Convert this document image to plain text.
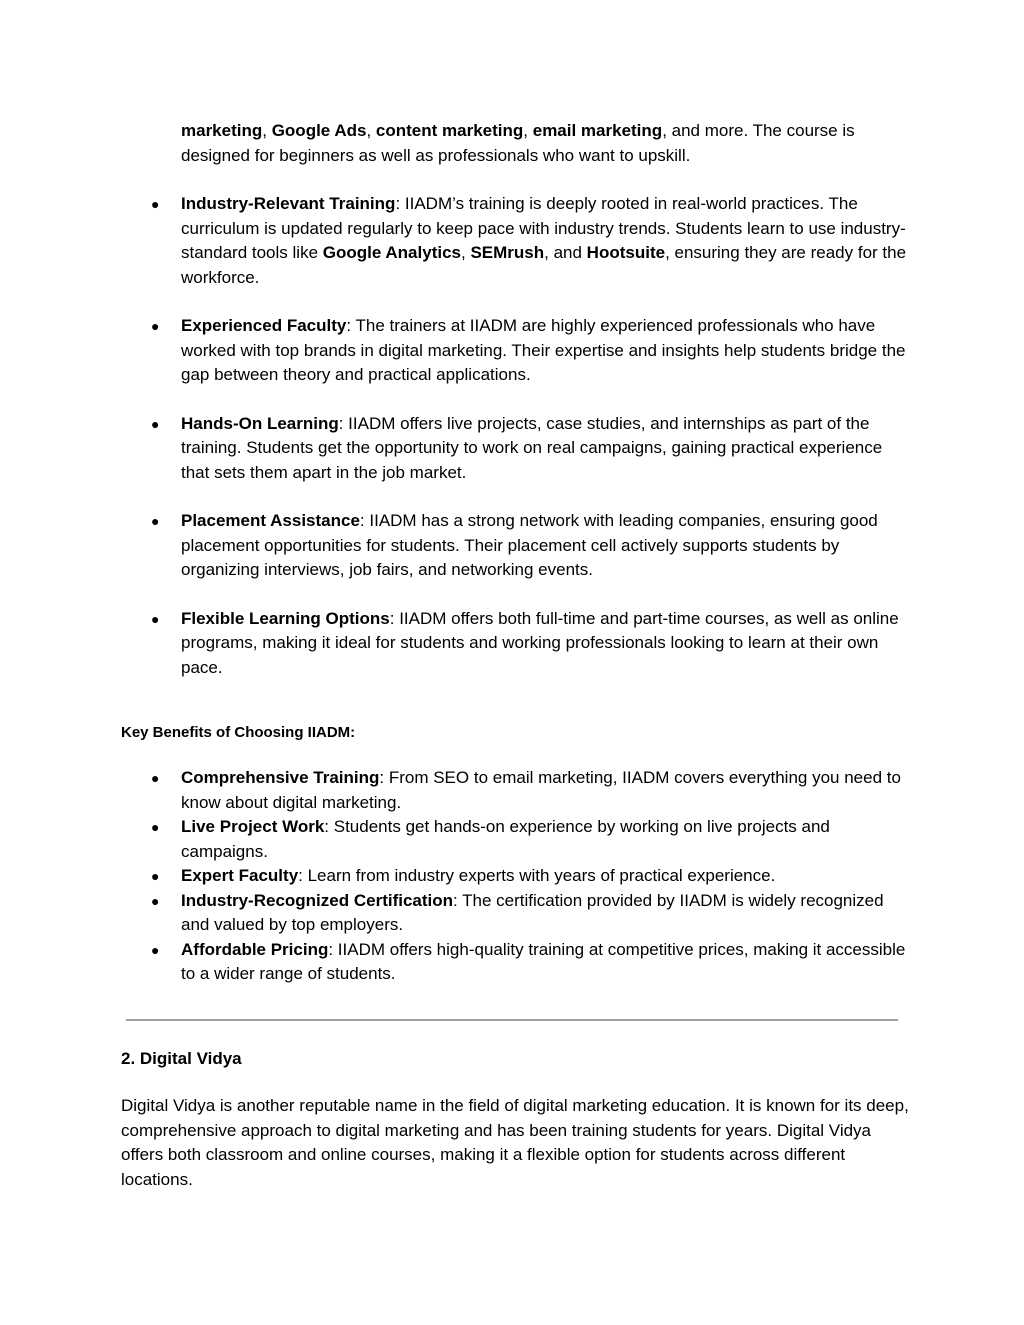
marketing, Google Ads, content marketing, email marketing, and more. The course is designed for beginners as well as professionals who want to upskill.

●	Industry-Relevant Training: IIADM’s training is deeply rooted in real-world practices. The curriculum is updated regularly to keep pace with industry trends. Students learn to use industry-standard tools like Google Analytics, SEMrush, and Hootsuite, ensuring they are ready for the workforce.
●	Experienced Faculty: The trainers at IIADM are highly experienced professionals who have worked with top brands in digital marketing. Their expertise and insights help students bridge the gap between theory and practical applications.
●	Hands-On Learning: IIADM offers live projects, case studies, and internships as part of the training. Students get the opportunity to work on real campaigns, gaining practical experience that sets them apart in the job market.
●	Placement Assistance: IIADM has a strong network with leading companies, ensuring good placement opportunities for students. Their placement cell actively supports students by organizing interviews, job fairs, and networking events.
●	Flexible Learning Options: IIADM offers both full-time and part-time courses, as well as online programs, making it ideal for students and working professionals looking to learn at their own pace.
Key Benefits of Choosing IIADM:
●	Comprehensive Training: From SEO to email marketing, IIADM covers everything you need to know about digital marketing.
●	Live Project Work: Students get hands-on experience by working on live projects and campaigns.
●	Expert Faculty: Learn from industry experts with years of practical experience.
●	Industry-Recognized Certification: The certification provided by IIADM is widely recognized and valued by top employers.
●	Affordable Pricing: IIADM offers high-quality training at competitive prices, making it accessible to a wider range of students.
2. Digital Vidya

Digital Vidya is another reputable name in the field of digital marketing education. It is known for its deep, comprehensive approach to digital marketing and has been training students for years. Digital Vidya offers both classroom and online courses, making it a flexible option for students across different locations.
